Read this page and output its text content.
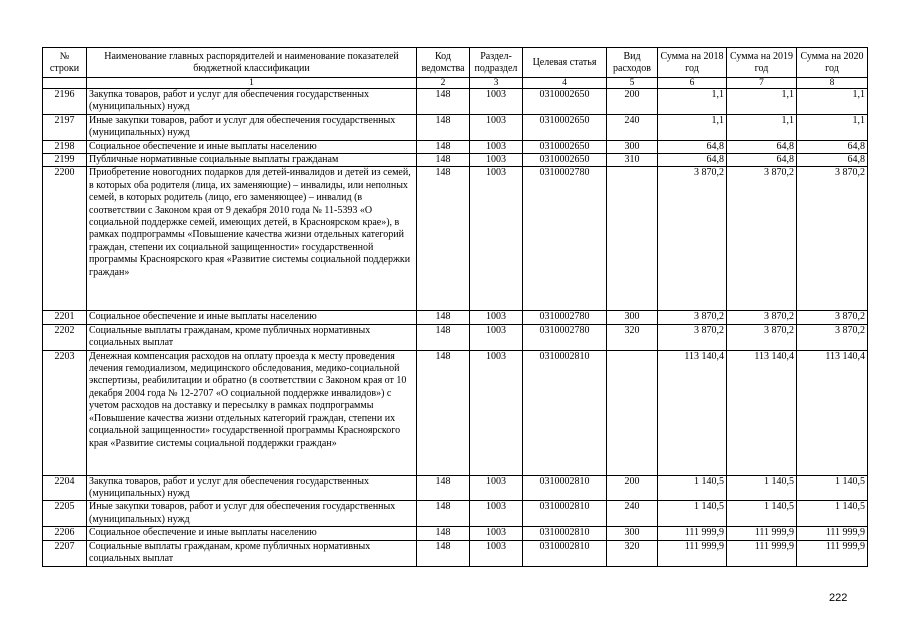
№ строки	Наименование главных распорядителей и наименование показателей бюджетной классификации	Код ведомства	Раздел-подраздел	Целевая статья	Вид расходов	Сумма на 2018 год	Сумма на 2019 год	Сумма на 2020 год
	1	2	3	4	5	6	7	8
2196	Закупка товаров, работ и услуг для обеспечения государственных (муниципальных) нужд	148	1003	0310002650	200	1,1	1,1	1,1
2197	Иные закупки товаров, работ и услуг для обеспечения государственных (муниципальных) нужд	148	1003	0310002650	240	1,1	1,1	1,1
2198	Социальное обеспечение и иные выплаты населению	148	1003	0310002650	300	64,8	64,8	64,8
2199	Публичные нормативные социальные выплаты гражданам	148	1003	0310002650	310	64,8	64,8	64,8
2200	Приобретение новогодних подарков для детей-инвалидов и детей из семей, в которых оба родителя (лица, их заменяющие) – инвалиды, или неполных семей, в которых родитель (лицо, его заменяющее) – инвалид (в соответствии с Законом края от 9 декабря 2010 года № 11-5393 «О социальной поддержке семей, имеющих детей, в Красноярском крае»), в рамках подпрограммы «Повышение качества жизни отдельных категорий граждан, степени их социальной защищенности» государственной программы Красноярского края «Развитие системы социальной поддержки граждан»	148	1003	0310002780		3 870,2	3 870,2	3 870,2
2201	Социальное обеспечение и иные выплаты населению	148	1003	0310002780	300	3 870,2	3 870,2	3 870,2
2202	Социальные выплаты гражданам, кроме публичных нормативных социальных выплат	148	1003	0310002780	320	3 870,2	3 870,2	3 870,2
2203	Денежная компенсация расходов на оплату проезда к месту проведения лечения гемодиализом, медицинского обследования, медико-социальной экспертизы, реабилитации и обратно (в соответствии с Законом края от 10 декабря 2004 года № 12-2707 «О социальной поддержке инвалидов») с учетом расходов на доставку и пересылку в рамках подпрограммы «Повышение качества жизни отдельных категорий граждан, степени их социальной защищенности» государственной программы Красноярского края «Развитие системы социальной поддержки граждан»	148	1003	0310002810		113 140,4	113 140,4	113 140,4
2204	Закупка товаров, работ и услуг для обеспечения государственных (муниципальных) нужд	148	1003	0310002810	200	1 140,5	1 140,5	1 140,5
2205	Иные закупки товаров, работ и услуг для обеспечения государственных (муниципальных) нужд	148	1003	0310002810	240	1 140,5	1 140,5	1 140,5
2206	Социальное обеспечение и иные выплаты населению	148	1003	0310002810	300	111 999,9	111 999,9	111 999,9
2207	Социальные выплаты гражданам, кроме публичных нормативных социальных выплат	148	1003	0310002810	320	111 999,9	111 999,9	111 999,9
222
